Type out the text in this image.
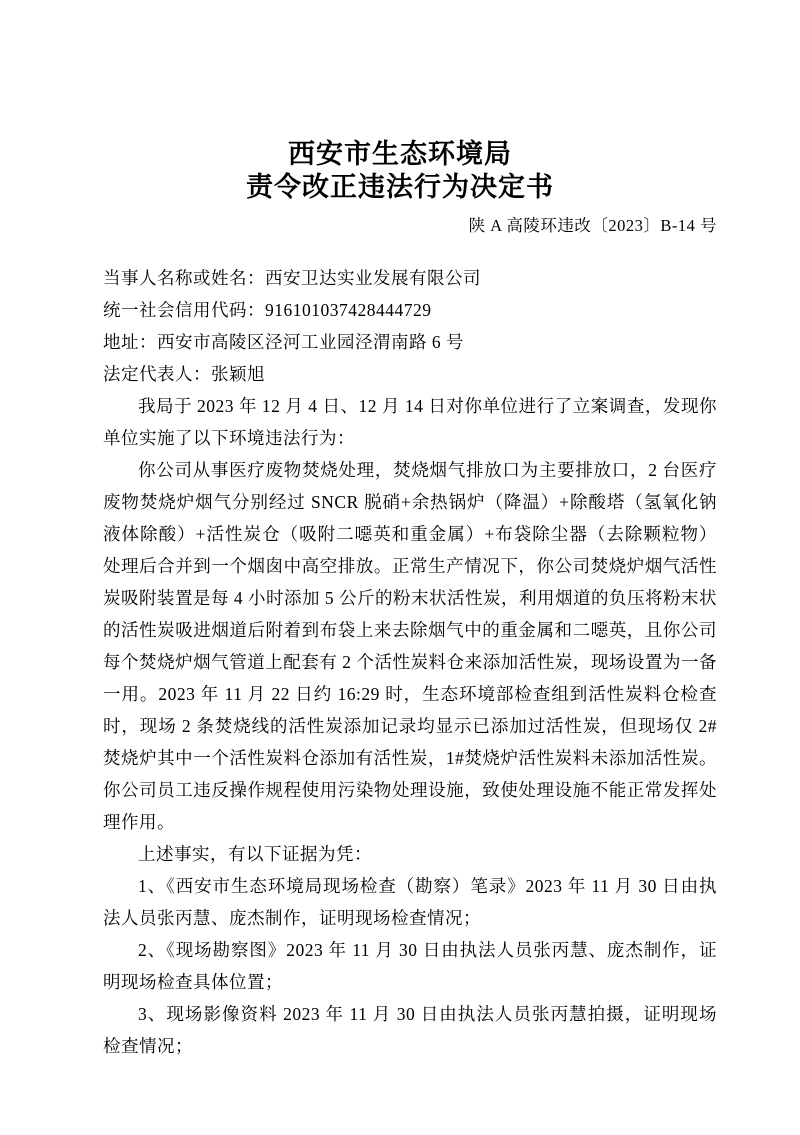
西安市生态环境局
责令改正违法行为决定书
陕 A 高陵环违改〔2023〕B-14 号

当事人名称或姓名：西安卫达实业发展有限公司

统一社会信用代码：916101037428444729

地址：西安市高陵区泾河工业园泾渭南路 6 号

法定代表人：张颖旭

我局于 2023 年 12 月 4 日、12 月 14 日对你单位进行了立案调查，发现你单位实施了以下环境违法行为：

你公司从事医疗废物焚烧处理，焚烧烟气排放口为主要排放口，2 台医疗废物焚烧炉烟气分别经过 SNCR 脱硝+余热锅炉（降温）+除酸塔（氢氧化钠液体除酸）+活性炭仓（吸附二噁英和重金属）+布袋除尘器（去除颗粒物）处理后合并到一个烟囱中高空排放。正常生产情况下，你公司焚烧炉烟气活性炭吸附装置是每 4 小时添加 5 公斤的粉末状活性炭，利用烟道的负压将粉末状的活性炭吸进烟道后附着到布袋上来去除烟气中的重金属和二噁英，且你公司每个焚烧炉烟气管道上配套有 2 个活性炭料仓来添加活性炭，现场设置为一备一用。2023 年 11 月 22 日约 16:29 时，生态环境部检查组到活性炭料仓检查时，现场 2 条焚烧线的活性炭添加记录均显示已添加过活性炭，但现场仅 2#焚烧炉其中一个活性炭料仓添加有活性炭，1#焚烧炉活性炭料未添加活性炭。你公司员工违反操作规程使用污染物处理设施，致使处理设施不能正常发挥处理作用。

上述事实，有以下证据为凭：

1、《西安市生态环境局现场检查（勘察）笔录》2023 年 11 月 30 日由执法人员张丙慧、庞杰制作，证明现场检查情况；

2、《现场勘察图》2023 年 11 月 30 日由执法人员张丙慧、庞杰制作，证明现场检查具体位置；

3、现场影像资料 2023 年 11 月 30 日由执法人员张丙慧拍摄，证明现场检查情况；
